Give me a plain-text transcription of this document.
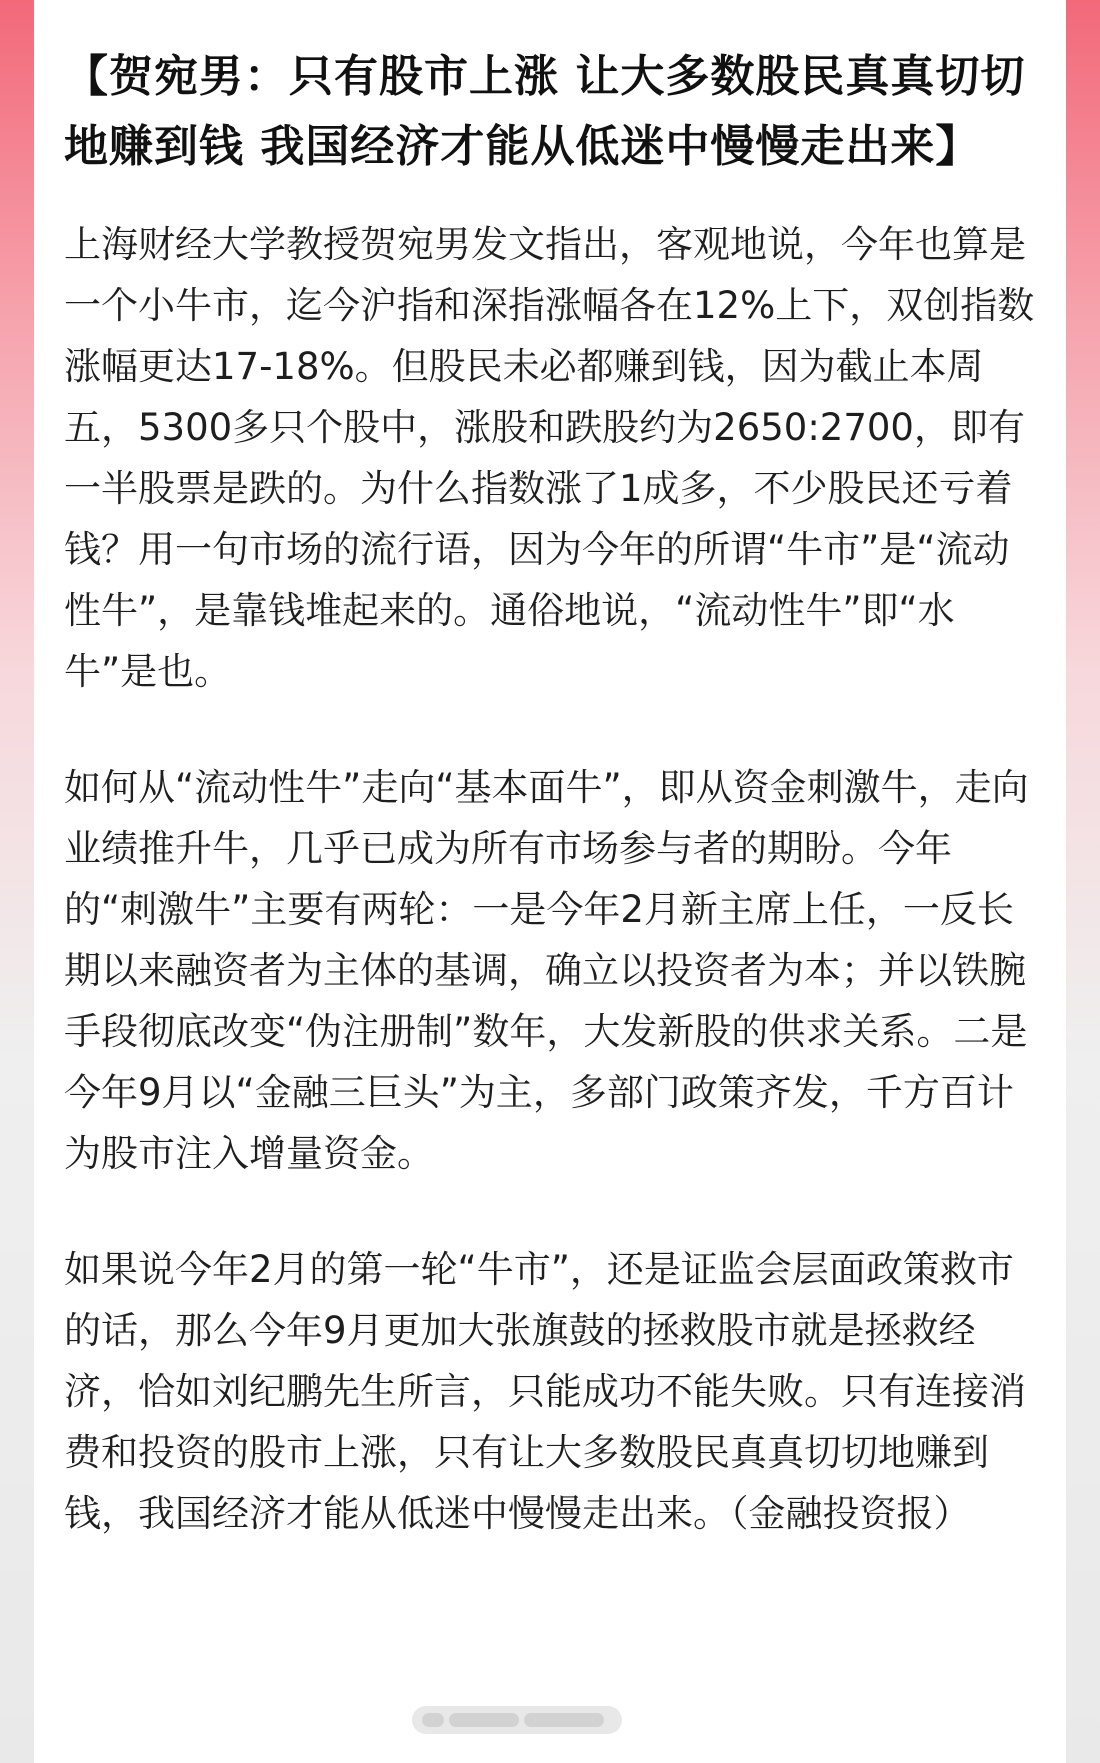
【贺宛男：只有股市上涨 让大多数股民真真切切地赚到钱 我国经济才能从低迷中慢慢走出来】

上海财经大学教授贺宛男发文指出，客观地说，今年也算是一个小牛市，迄今沪指和深指涨幅各在12%上下，双创指数涨幅更达17-18%。但股民未必都赚到钱，因为截止本周五，5300多只个股中，涨股和跌股约为2650:2700，即有一半股票是跌的。为什么指数涨了1成多，不少股民还亏着钱？用一句市场的流行语，因为今年的所谓“牛市”是“流动性牛”，是靠钱堆起来的。通俗地说，“流动性牛”即“水牛”是也。

如何从“流动性牛”走向“基本面牛”，即从资金刺激牛，走向业绩推升牛，几乎已成为所有市场参与者的期盼。今年的“刺激牛”主要有两轮：一是今年2月新主席上任，一反长期以来融资者为主体的基调，确立以投资者为本；并以铁腕手段彻底改变“伪注册制”数年，大发新股的供求关系。二是今年9月以“金融三巨头”为主，多部门政策齐发，千方百计为股市注入增量资金。

如果说今年2月的第一轮“牛市”，还是证监会层面政策救市的话，那么今年9月更加大张旗鼓的拯救股市就是拯救经济，恰如刘纪鹏先生所言，只能成功不能失败。只有连接消费和投资的股市上涨，只有让大多数股民真真切切地赚到钱，我国经济才能从低迷中慢慢走出来。（金融投资报）
